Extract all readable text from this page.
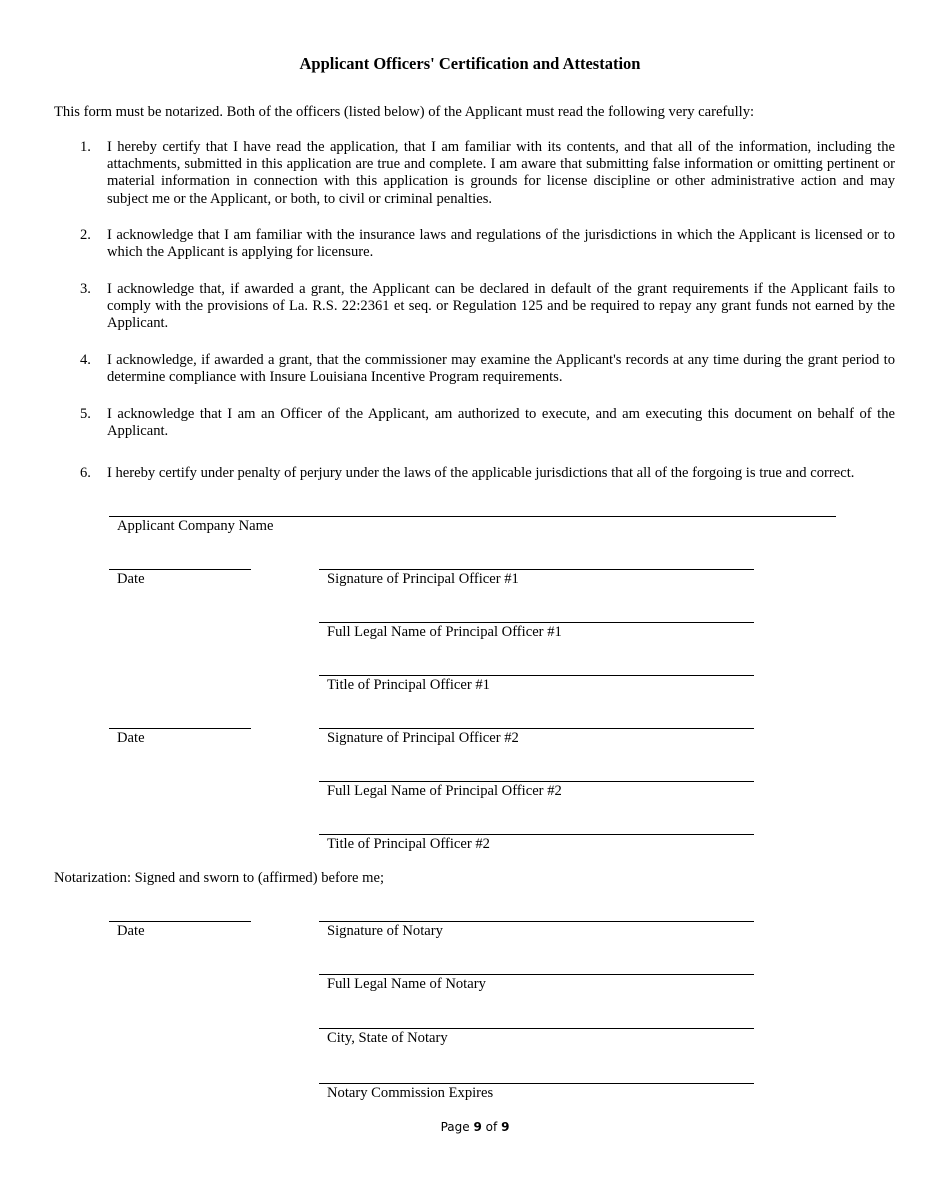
Applicant Officers' Certification and Attestation
This form must be notarized. Both of the officers (listed below) of the Applicant must read the following very carefully:
1. I hereby certify that I have read the application, that I am familiar with its contents, and that all of the information, including the attachments, submitted in this application are true and complete. I am aware that submitting false information or omitting pertinent or material information in connection with this application is grounds for license discipline or other administrative action and may subject me or the Applicant, or both, to civil or criminal penalties.
2. I acknowledge that I am familiar with the insurance laws and regulations of the jurisdictions in which the Applicant is licensed or to which the Applicant is applying for licensure.
3. I acknowledge that, if awarded a grant, the Applicant can be declared in default of the grant requirements if the Applicant fails to comply with the provisions of La. R.S. 22:2361 et seq. or Regulation 125 and be required to repay any grant funds not earned by the Applicant.
4. I acknowledge, if awarded a grant, that the commissioner may examine the Applicant's records at any time during the grant period to determine compliance with Insure Louisiana Incentive Program requirements.
5. I acknowledge that I am an Officer of the Applicant, am authorized to execute, and am executing this document on behalf of the Applicant.
6. I hereby certify under penalty of perjury under the laws of the applicable jurisdictions that all of the forgoing is true and correct.
Applicant Company Name
Date	Signature of Principal Officer #1
Full Legal Name of Principal Officer #1
Title of Principal Officer #1
Date	Signature of Principal Officer #2
Full Legal Name of Principal Officer #2
Title of Principal Officer #2
Notarization: Signed and sworn to (affirmed) before me;
Date	Signature of Notary
Full Legal Name of Notary
City, State of Notary
Notary Commission Expires
Page 9 of 9
